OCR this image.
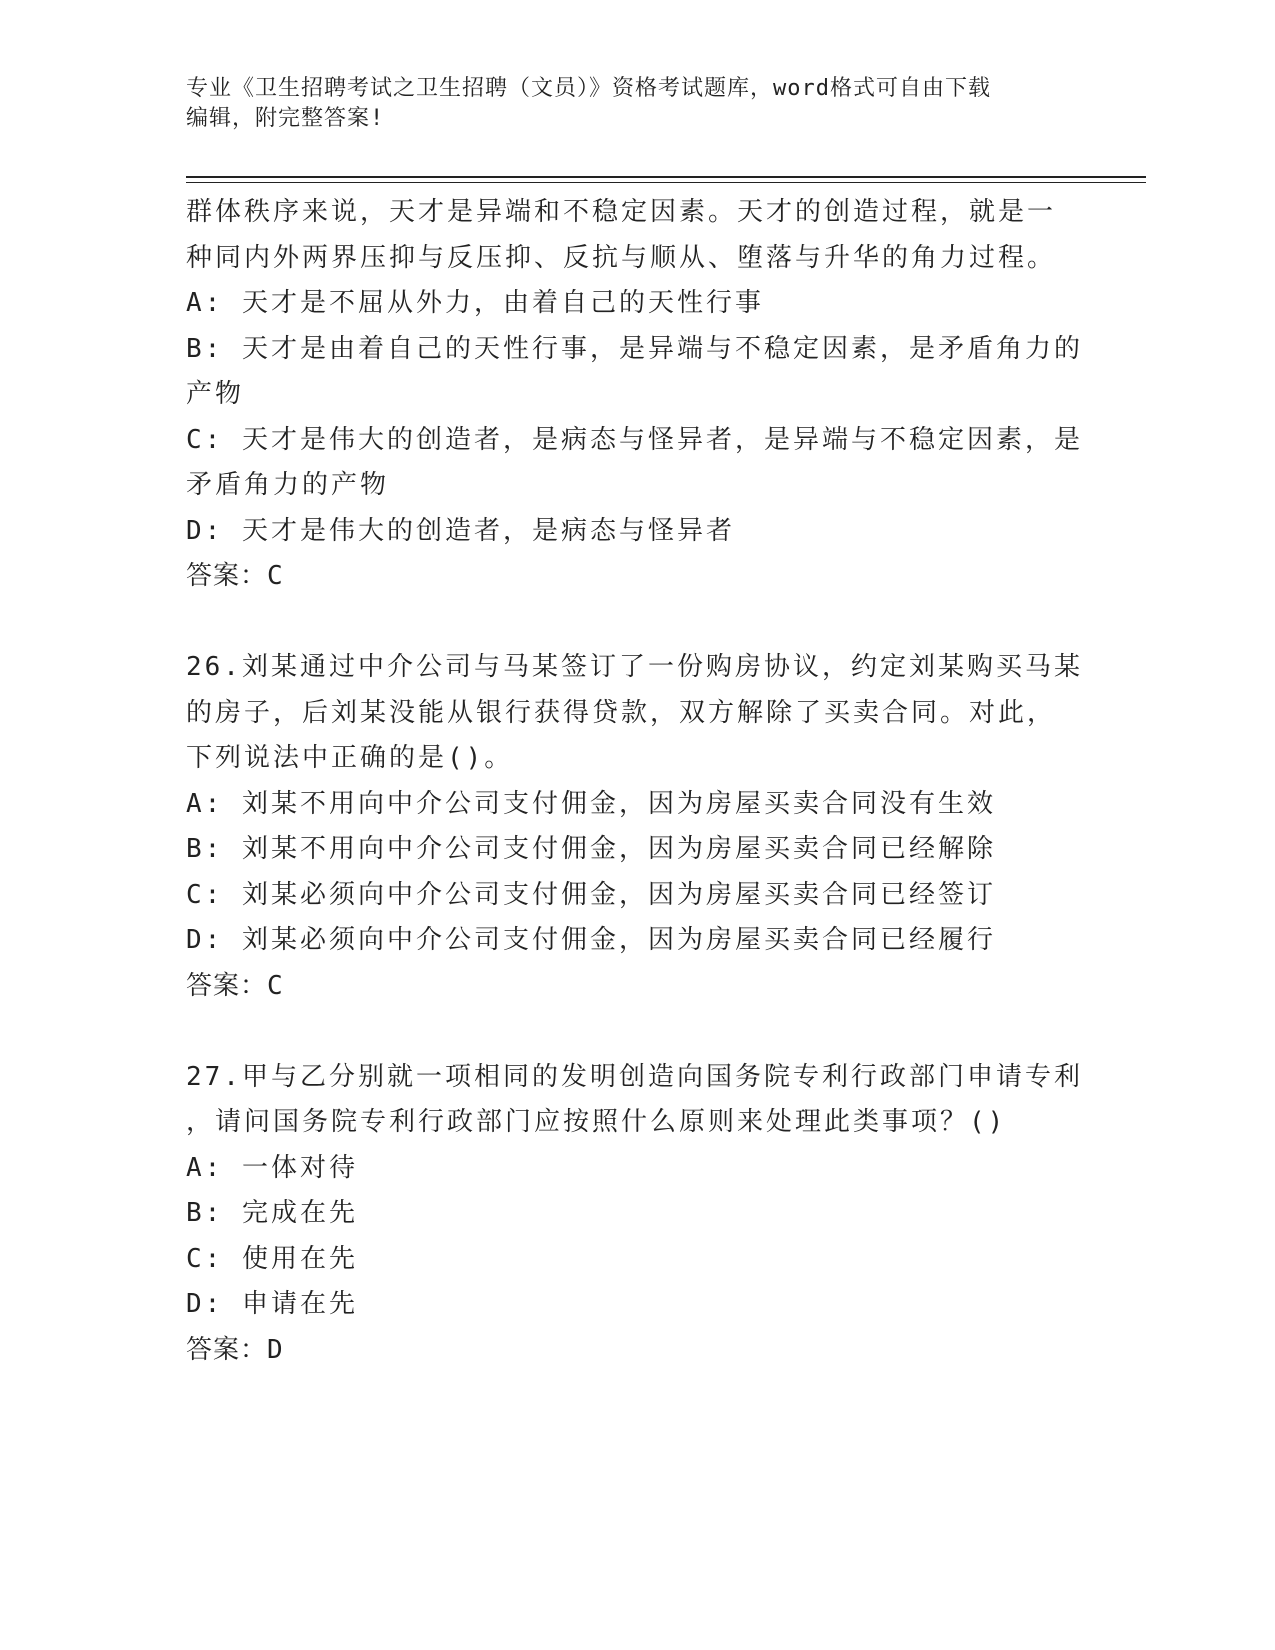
专业《卫生招聘考试之卫生招聘（文员）》资格考试题库，word格式可自由下载
编辑，附完整答案!
群体秩序来说，天才是异端和不稳定因素。天才的创造过程，就是一
种同内外两界压抑与反压抑、反抗与顺从、堕落与升华的角力过程。
A: 天才是不屈从外力，由着自己的天性行事
B: 天才是由着自己的天性行事，是异端与不稳定因素，是矛盾角力的
产物
C: 天才是伟大的创造者，是病态与怪异者，是异端与不稳定因素，是
矛盾角力的产物
D: 天才是伟大的创造者，是病态与怪异者
答案：C
26.刘某通过中介公司与马某签订了一份购房协议，约定刘某购买马某
的房子，后刘某没能从银行获得贷款，双方解除了买卖合同。对此，
下列说法中正确的是()。
A: 刘某不用向中介公司支付佣金，因为房屋买卖合同没有生效
B: 刘某不用向中介公司支付佣金，因为房屋买卖合同已经解除
C: 刘某必须向中介公司支付佣金，因为房屋买卖合同已经签订
D: 刘某必须向中介公司支付佣金，因为房屋买卖合同已经履行
答案：C
27.甲与乙分别就一项相同的发明创造向国务院专利行政部门申请专利
，请问国务院专利行政部门应按照什么原则来处理此类事项？()
A: 一体对待
B: 完成在先
C: 使用在先
D: 申请在先
答案：D
